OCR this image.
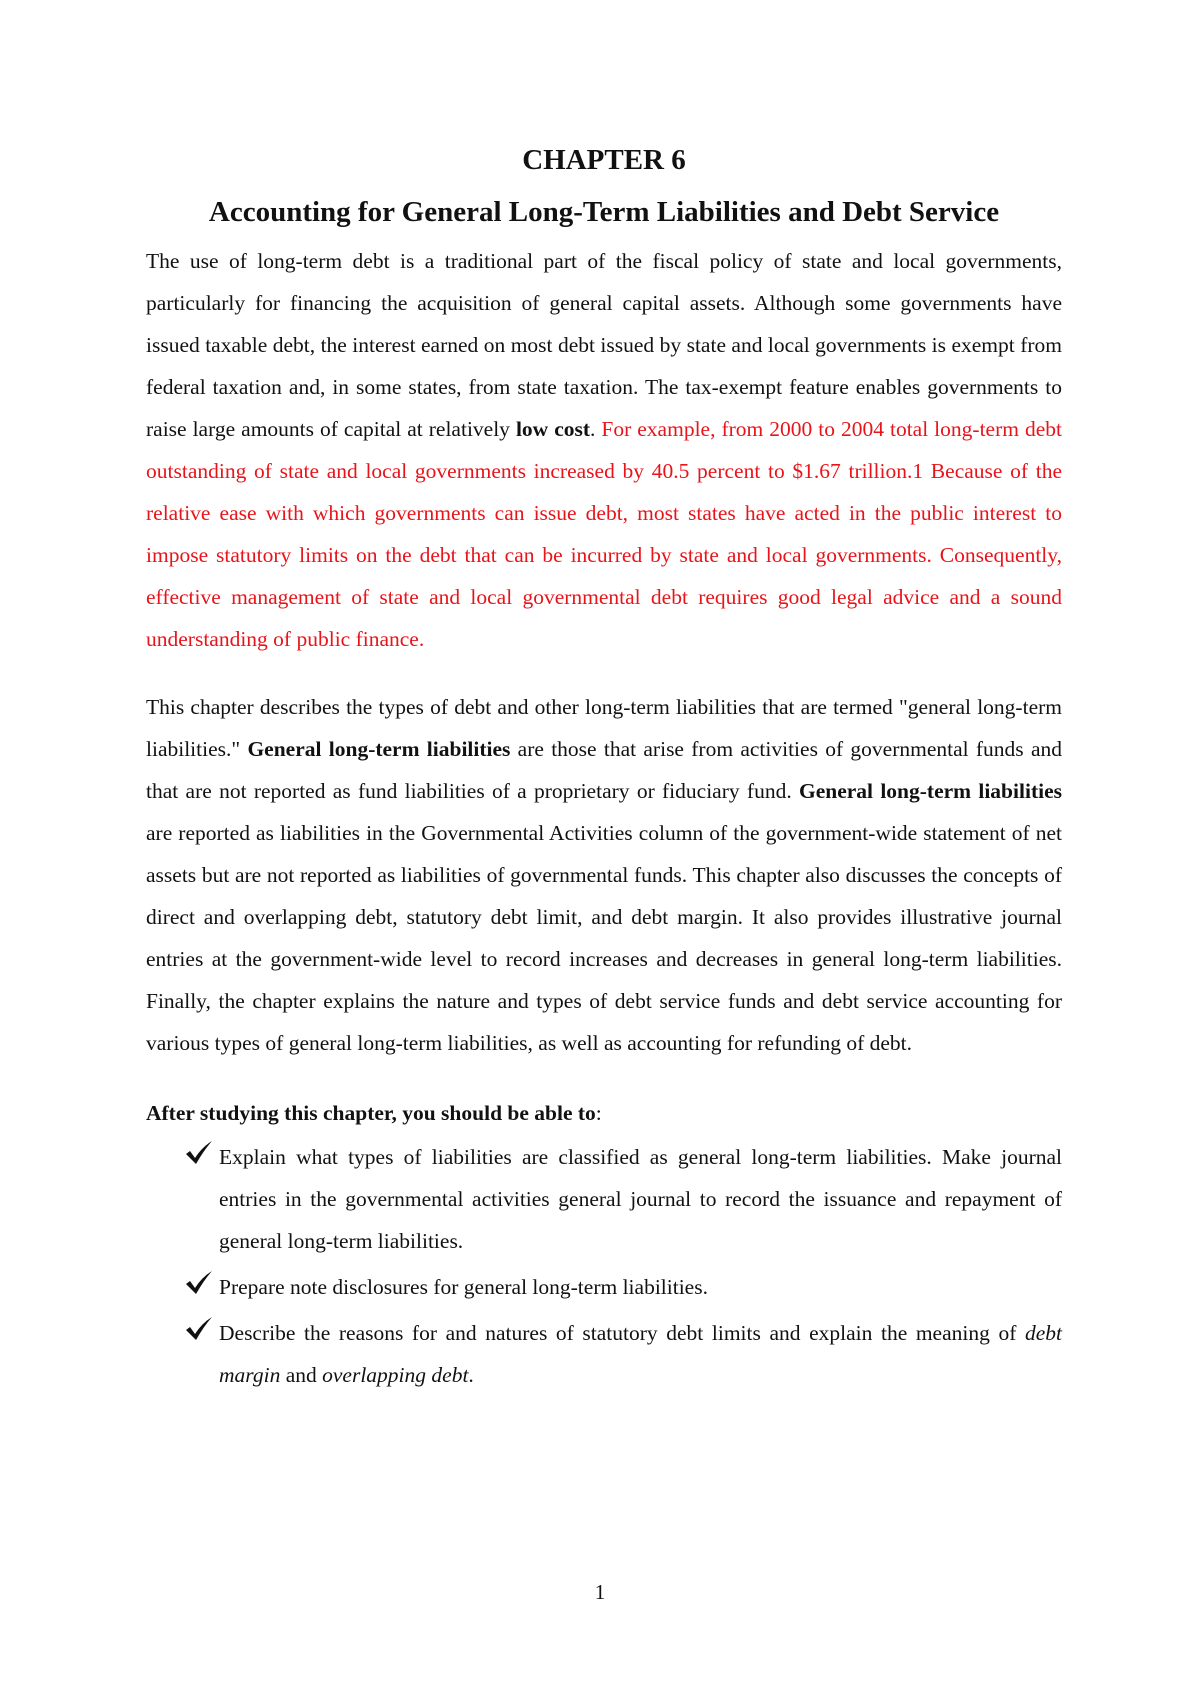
CHAPTER 6
Accounting for General Long-Term Liabilities and Debt Service

The use of long-term debt is a traditional part of the fiscal policy of state and local governments, particularly for financing the acquisition of general capital assets. Although some governments have issued taxable debt, the interest earned on most debt issued by state and local governments is exempt from federal taxation and, in some states, from state taxation. The tax-exempt feature enables governments to raise large amounts of capital at relatively low cost. For example, from 2000 to 2004 total long-term debt outstanding of state and local governments increased by 40.5 percent to $1.67 trillion.1 Because of the relative ease with which governments can issue debt, most states have acted in the public interest to impose statutory limits on the debt that can be incurred by state and local governments. Consequently, effective management of state and local governmental debt requires good legal advice and a sound understanding of public finance.

This chapter describes the types of debt and other long-term liabilities that are termed "general long-term liabilities." General long-term liabilities are those that arise from activities of governmental funds and that are not reported as fund liabilities of a proprietary or fiduciary fund. General long-term liabilities are reported as liabilities in the Governmental Activities column of the government-wide statement of net assets but are not reported as liabilities of governmental funds. This chapter also discusses the concepts of direct and overlapping debt, statutory debt limit, and debt margin. It also provides illustrative journal entries at the government-wide level to record increases and decreases in general long-term liabilities. Finally, the chapter explains the nature and types of debt service funds and debt service accounting for various types of general long-term liabilities, as well as accounting for refunding of debt.

After studying this chapter, you should be able to:

Explain what types of liabilities are classified as general long-term liabilities. Make journal entries in the governmental activities general journal to record the issuance and repayment of general long-term liabilities.
Prepare note disclosures for general long-term liabilities.
Describe the reasons for and natures of statutory debt limits and explain the meaning of debt margin and overlapping debt.
1
